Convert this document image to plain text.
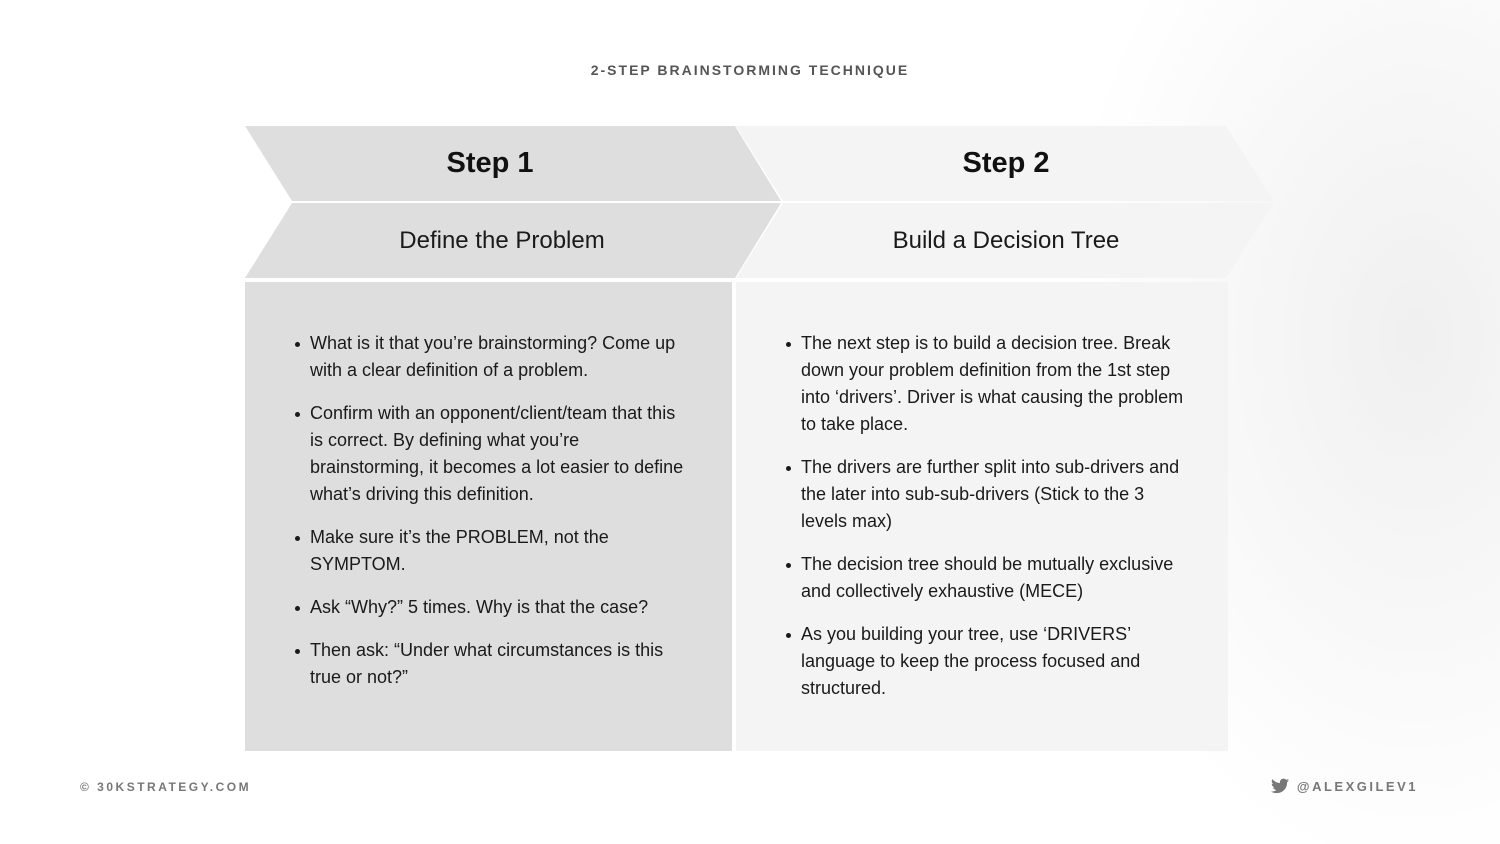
2-STEP BRAINSTORMING TECHNIQUE
Step 1
Define the Problem
Step 2
Build a Decision Tree
What is it that you’re brainstorming? Come up with a clear definition of a problem.
Confirm with an opponent/client/team that this is correct. By defining what you’re brainstorming, it becomes a lot easier to define what’s driving this definition.
Make sure it’s the PROBLEM, not the SYMPTOM.
Ask “Why?” 5 times. Why is that the case?
Then ask: “Under what circumstances is this true or not?”
The next step is to build a decision tree. Break down your problem definition from the 1st step into ‘drivers’. Driver is what causing the problem to take place.
The drivers are further split into sub-drivers and the later into sub-sub-drivers (Stick to the 3 levels max)
The decision tree should be mutually exclusive and collectively exhaustive (MECE)
As you building your tree, use ‘DRIVERS’ language to keep the process focused and structured.
© 30KSTRATEGY.COM	@ALEXGILEV1
